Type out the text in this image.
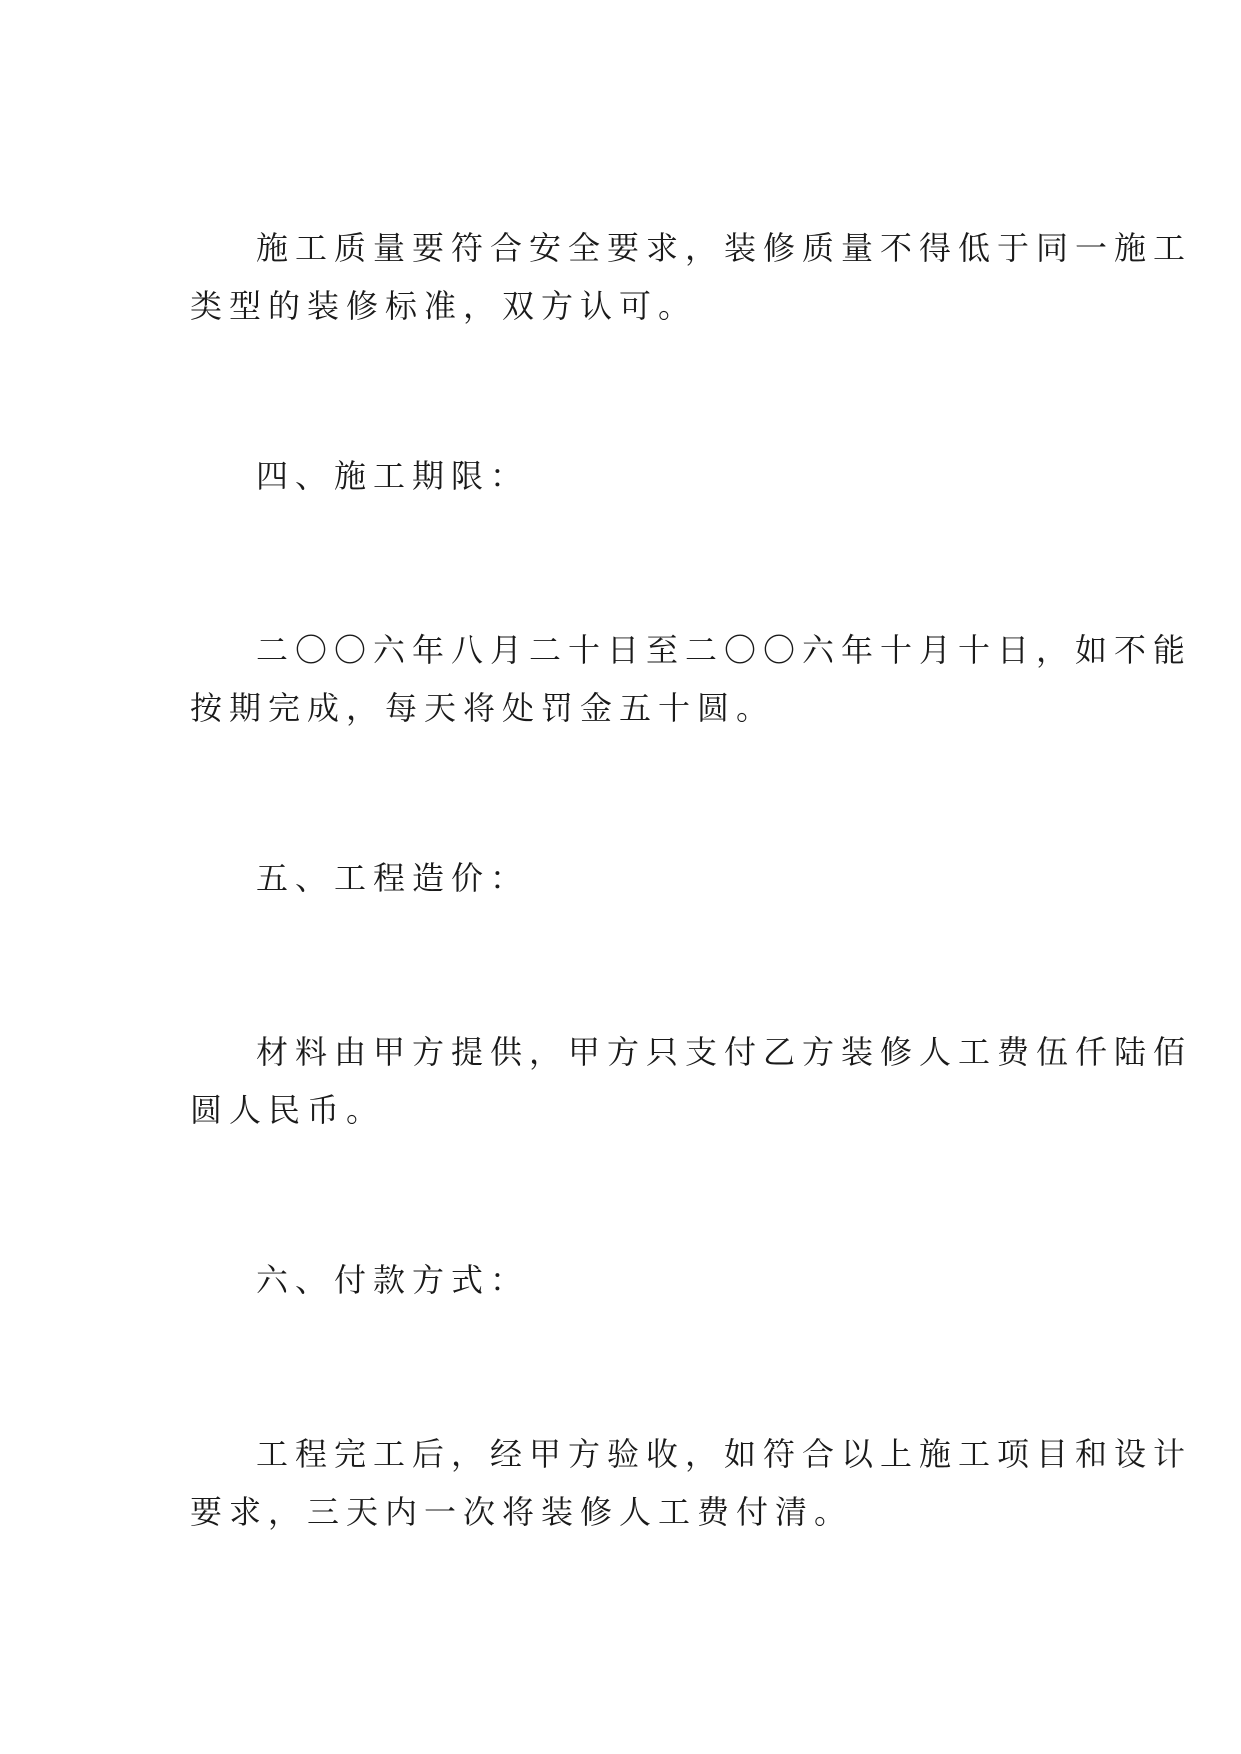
施工质量要符合安全要求，装修质量不得低于同一施工
类型的装修标准，双方认可。
四、施工期限：
二〇〇六年八月二十日至二〇〇六年十月十日，如不能
按期完成，每天将处罚金五十圆。
五、工程造价：
材料由甲方提供，甲方只支付乙方装修人工费伍仟陆佰
圆人民币。
六、付款方式：
工程完工后，经甲方验收，如符合以上施工项目和设计
要求，三天内一次将装修人工费付清。
